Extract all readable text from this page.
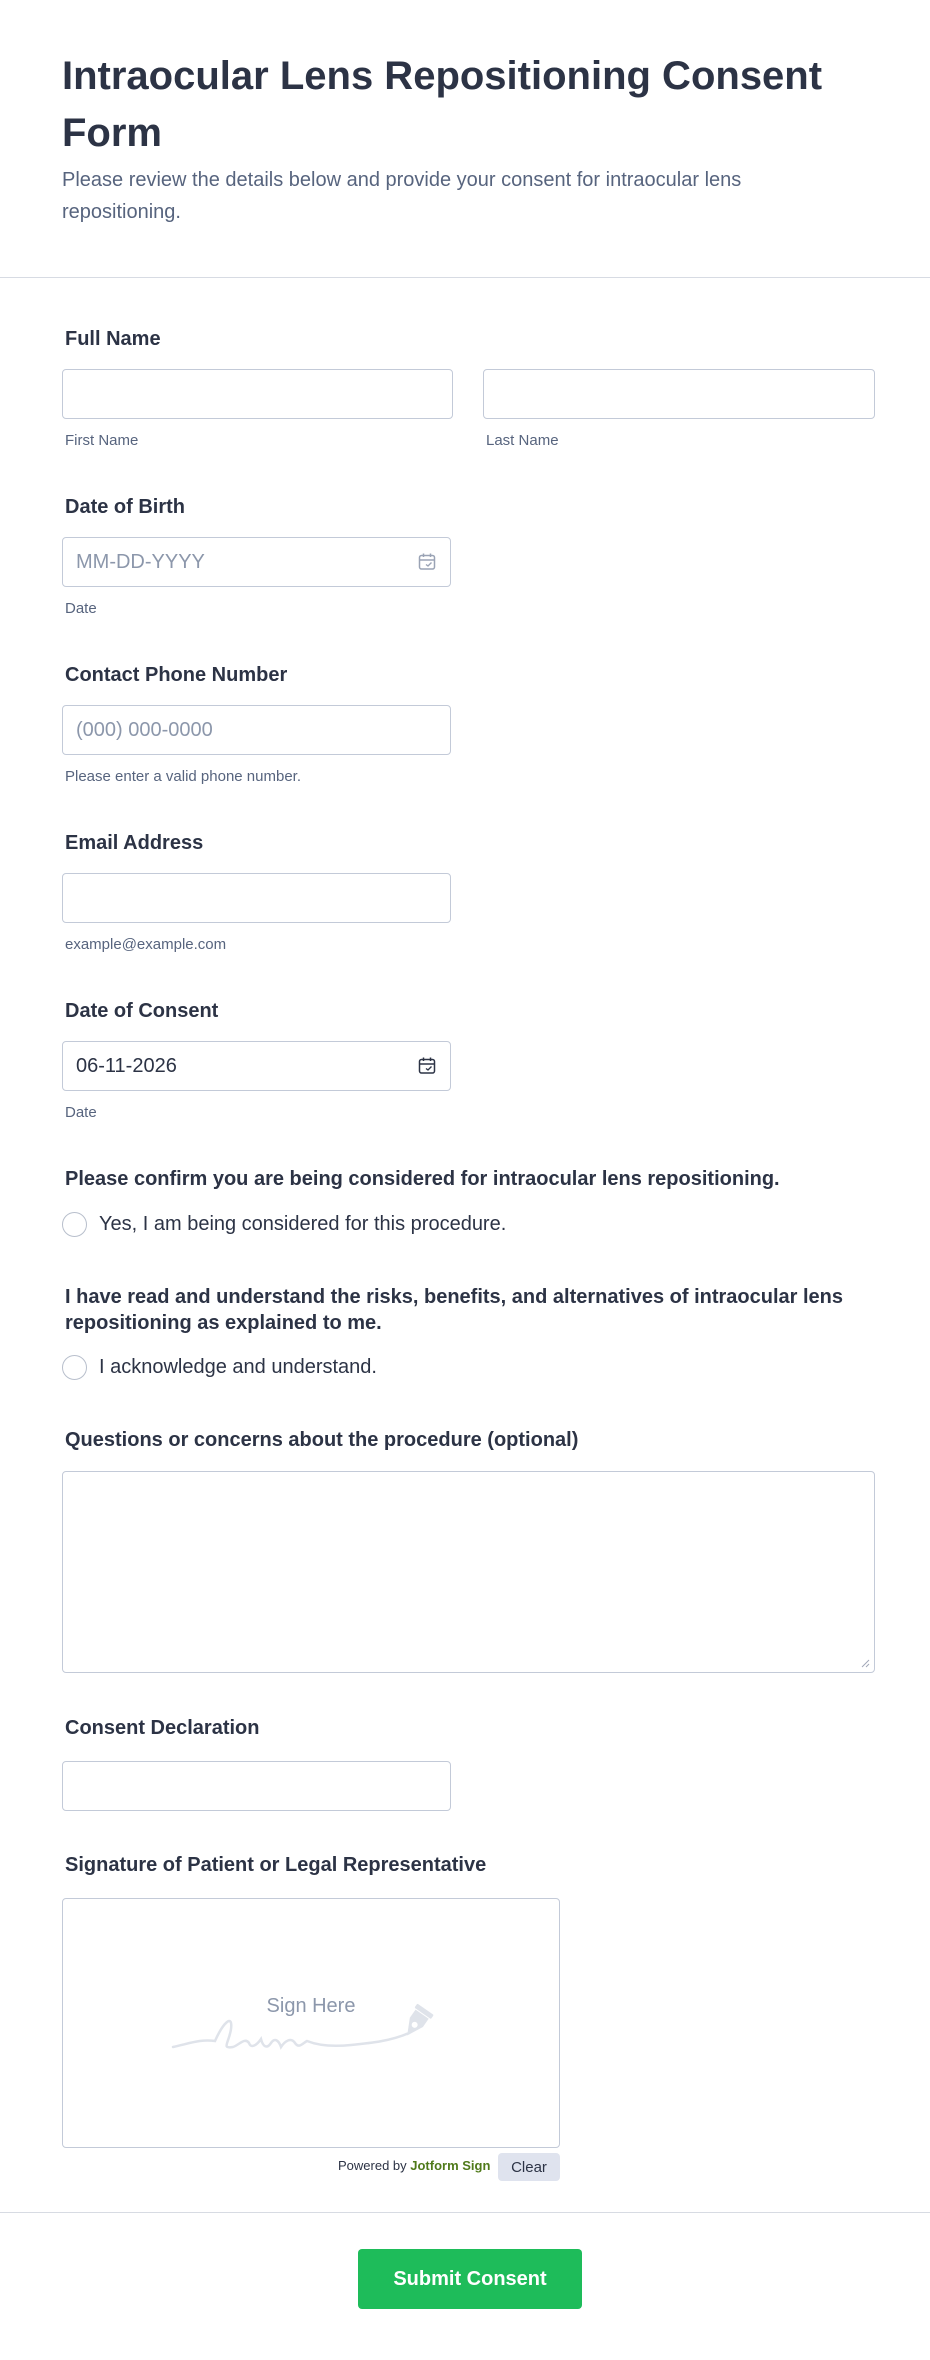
Intraocular Lens Repositioning Consent Form

Please review the details below and provide your consent for intraocular lens repositioning.

Full Name
First Name	Last Name
Date of Birth
MM-DD-YYYY
Date
Contact Phone Number
(000) 000-0000
Please enter a valid phone number.
Email Address
example@example.com
Date of Consent
06-11-2026
Date
Please confirm you are being considered for intraocular lens repositioning.
Yes, I am being considered for this procedure.
I have read and understand the risks, benefits, and alternatives of intraocular lens repositioning as explained to me.
I acknowledge and understand.
Questions or concerns about the procedure (optional)
Consent Declaration
Signature of Patient or Legal Representative
Sign Here
Powered by Jotform Sign	Clear
Submit Consent
